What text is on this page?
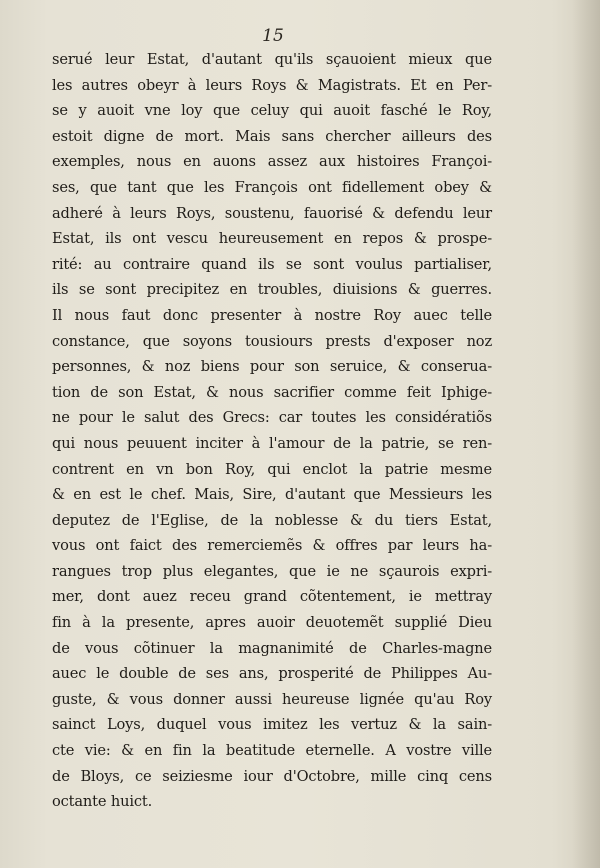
15
serué leur Estat, d'autant qu'ils sçauoient mieux que
les autres obeyr à leurs Roys & Magistrats. Et en Per-
se y auoit vne loy que celuy qui auoit fasché le Roy,
estoit digne de mort. Mais sans chercher ailleurs des
exemples, nous en auons assez aux histoires Françoi-
ses, que tant que les François ont fidellement obey &
adheré à leurs Roys, soustenu, fauorisé & defendu leur
Estat, ils ont vescu heureusement en repos & prospe-
rité: au contraire quand ils se sont voulus partialiser,
ils se sont precipitez en troubles, diuisions & guerres.
Il nous faut donc presenter à nostre Roy auec telle
constance, que soyons tousiours prests d'exposer noz
personnes, & noz biens pour son seruice, & conserua-
tion de son Estat, & nous sacrifier comme feit Iphige-
ne pour le salut des Grecs: car toutes les considératiõs
qui nous peuuent inciter à l'amour de la patrie, se ren-
contrent en vn bon Roy, qui enclot la patrie mesme
& en est le chef. Mais, Sire, d'autant que Messieurs les
deputez de l'Eglise, de la noblesse & du tiers Estat,
vous ont faict des remerciemẽs & offres par leurs ha-
rangues trop plus elegantes, que ie ne sçaurois expri-
mer, dont auez receu grand cõtentement, ie mettray
fin à la presente, apres auoir deuotemẽt supplié Dieu
de vous cõtinuer la magnanimité de Charles-magne
auec le double de ses ans, prosperité de Philippes Au-
guste, & vous donner aussi heureuse lignée qu'au Roy
sainct Loys, duquel vous imitez les vertuz & la sain-
cte vie: & en fin la beatitude eternelle. A vostre ville
de Bloys, ce seiziesme iour d'Octobre, mille cinq cens
octante huict.
